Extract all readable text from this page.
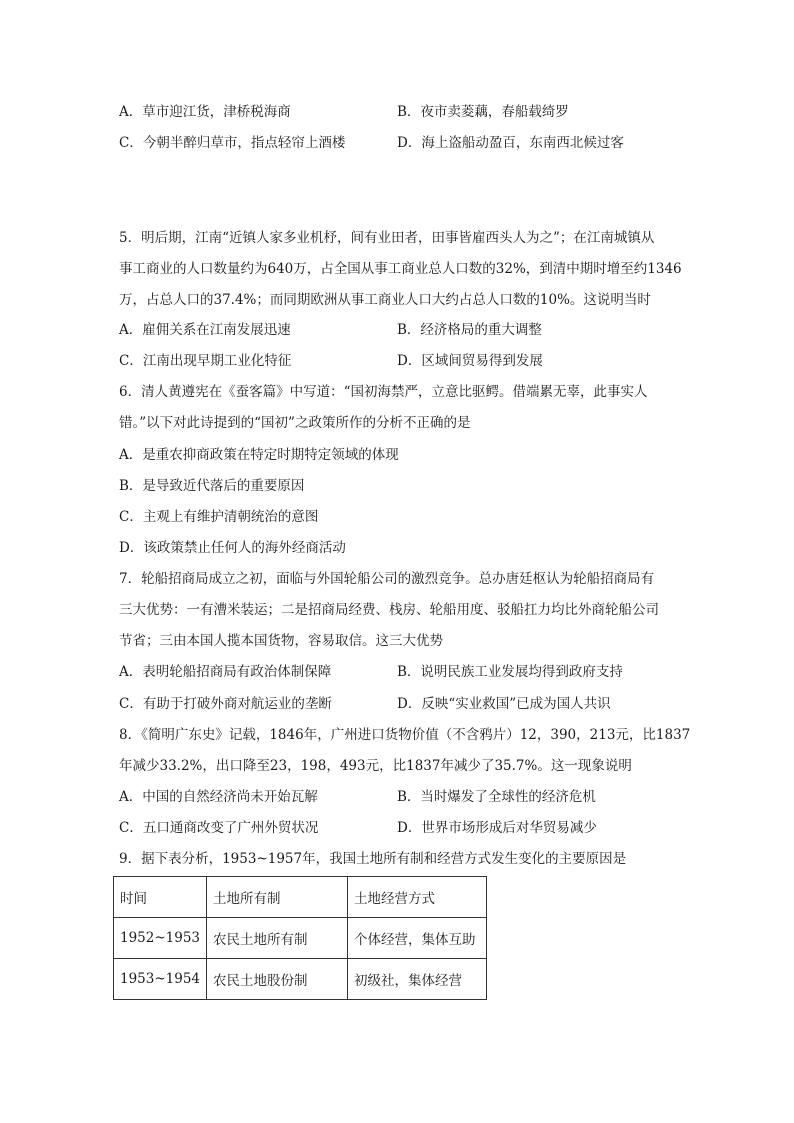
A．草市迎江货，津桥税海商	B．夜市卖菱藕，春船载绮罗
C．今朝半醉归草市，指点轻帘上酒楼	D．海上盗船动盈百，东南西北候过客
5．明后期，江南“近镇人家多业机杼，间有业田者，田事皆雇西头人为之”；在江南城镇从
事工商业的人口数量约为640万，占全国从事工商业总人口数的32%，到清中期时增至约1346
万，占总人口的37.4%；而同期欧洲从事工商业人口大约占总人口数的10%。这说明当时
A．雇佣关系在江南发展迅速	B．经济格局的重大调整
C．江南出现早期工业化特征	D．区域间贸易得到发展
6．清人黄遵宪在《蚕客篇》中写道：“国初海禁严，立意比驱鳄。借端累无辜，此事实人
错。”以下对此诗提到的“国初”之政策所作的分析不正确的是
A．是重农抑商政策在特定时期特定领域的体现
B．是导致近代落后的重要原因
C．主观上有维护清朝统治的意图
D．该政策禁止任何人的海外经商活动
7．轮船招商局成立之初，面临与外国轮船公司的激烈竞争。总办唐廷枢认为轮船招商局有
三大优势：一有漕米装运；二是招商局经费、栈房、轮船用度、驳船扛力均比外商轮船公司
节省；三由本国人揽本国货物，容易取信。这三大优势
A．表明轮船招商局有政治体制保障	B．说明民族工业发展均得到政府支持
C．有助于打破外商对航运业的垄断	D．反映“实业救国”已成为国人共识
8．《简明广东史》记载，1846年，广州进口货物价值（不含鸦片）12，390，213元，比1837
年减少33.2%，出口降至23，198，493元，比1837年减少了35.7%。这一现象说明
A．中国的自然经济尚未开始瓦解	B．当时爆发了全球性的经济危机
C．五口通商改变了广州外贸状况	D．世界市场形成后对华贸易减少
9．据下表分析，1953~1957年，我国土地所有制和经营方式发生变化的主要原因是
时间	土地所有制	土地经营方式
1952~1953	农民土地所有制	个体经营，集体互助
1953~1954	农民土地股份制	初级社，集体经营
